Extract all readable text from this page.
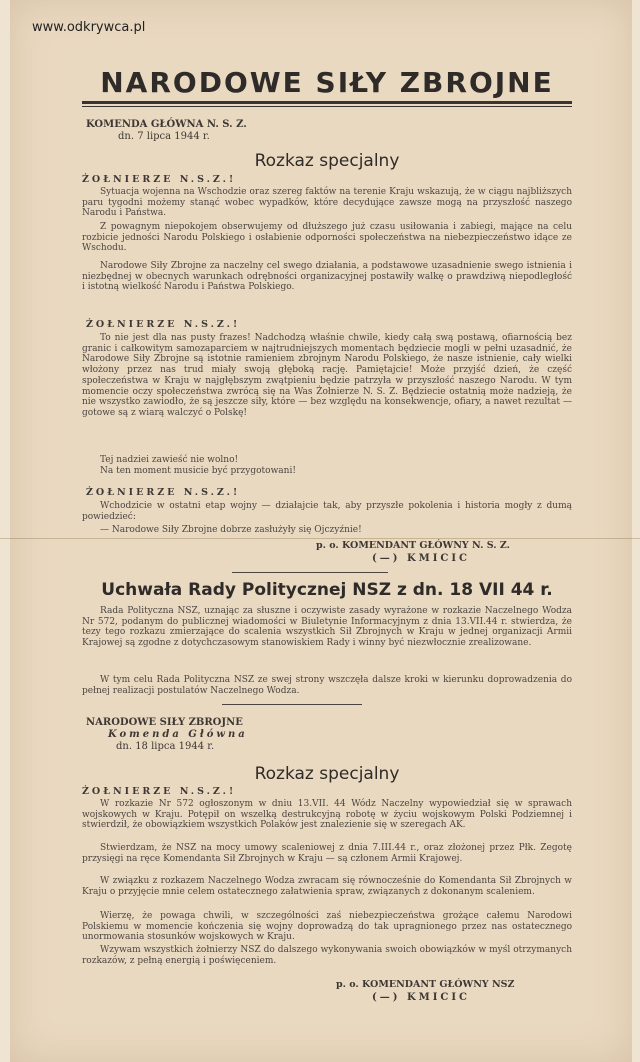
www.odkrywca.pl
NARODOWE SIŁY ZBROJNE
KOMENDA GŁÓWNA N. S. Z.
dn. 7 lipca 1944 r.
Rozkaz specjalny
ŻOŁNIERZE N.S.Z.!

Sytuacja wojenna na Wschodzie oraz szereg faktów na terenie Kraju wskazują, że w ciągu najbliższych paru tygodni możemy stanąć wobec wypadków, które decydujące zawsze mogą na przyszłość naszego Narodu i Państwa.

Z powagnym niepokojem obserwujemy od dłuższego już czasu usiłowania i zabiegi, mające na celu rozbicie jedności Narodu Polskiego i osłabienie odporności społeczeństwa na niebezpieczeństwo idące ze Wschodu.

Narodowe Siły Zbrojne za naczelny cel swego działania, a podstawowe uzasadnienie swego istnienia i niezbędnej w obecnych warunkach odrębności organizacyjnej postawiły walkę o prawdziwą niepodległość i istotną wielkość Narodu i Państwa Polskiego.

ŻOŁNIERZE N.S.Z.!

To nie jest dla nas pusty frazes! Nadchodzą właśnie chwile, kiedy całą swą postawą, ofiarnością bez granic i całkowitym samozaparciem w najtrudniejszych momentach będziecie mogli w pełni uzasadnić, że Narodowe Siły Zbrojne są istotnie ramieniem zbrojnym Narodu Polskiego, że nasze istnienie, cały wielki włożony przez nas trud miały swoją głęboką rację. Pamiętajcie! Może przyjść dzień, że część społeczeństwa w Kraju w najgłębszym zwątpieniu będzie patrzyła w przyszłość naszego Narodu. W tym momencie oczy społeczeństwa zwrócą się na Was Żołnierze N. S. Z. Będziecie ostatnią może nadzieją, że nie wszystko zawiodło, że są jeszcze siły, które — bez względu na konsekwencje, ofiary, a nawet rezultat — gotowe są z wiarą walczyć o Polskę!

Tej nadziei zawieść nie wolno!

Na ten moment musicie być przygotowani!

ŻOŁNIERZE N.S.Z.!

Wchodzicie w ostatni etap wojny — działajcie tak, aby przyszłe pokolenia i historia mogły z dumą powiedzieć:

— Narodowe Siły Zbrojne dobrze zasłużyły się Ojczyźnie!

p. o. KOMENDANT GŁÓWNY N. S. Z.
(—) KMICIC
Uchwała Rady Politycznej NSZ z dn. 18 VII 44 r.

Rada Polityczna NSZ, uznając za słuszne i oczywiste zasady wyrażone w rozkazie Naczelnego Wodza Nr 572, podanym do publicznej wiadomości w Biuletynie Informacyjnym z dnia 13.VII.44 r. stwierdza, że tezy tego rozkazu zmierzające do scalenia wszystkich Sił Zbrojnych w Kraju w jednej organizacji Armii Krajowej są zgodne z dotychczasowym stanowiskiem Rady i winny być niezwłocznie zrealizowane.

W tym celu Rada Polityczna NSZ ze swej strony wszczęła dalsze kroki w kierunku doprowadzenia do pełnej realizacji postulatów Naczelnego Wodza.

NARODOWE SIŁY ZBROJNE
Komenda Główna
dn. 18 lipca 1944 r.
Rozkaz specjalny
ŻOŁNIERZE N.S.Z.!

W rozkazie Nr 572 ogłoszonym w dniu 13.VII. 44 Wódz Naczelny wypowiedział się w sprawach wojskowych w Kraju. Potępił on wszelką destrukcyjną robotę w życiu wojskowym Polski Podziemnej i stwierdził, że obowiązkiem wszystkich Polaków jest znalezienie się w szeregach AK.

Stwierdzam, że NSZ na mocy umowy scaleniowej z dnia 7.III.44 r., oraz złożonej przez Płk. Zegotę przysięgi na ręce Komendanta Sił Zbrojnych w Kraju — są członem Armii Krajowej.

W związku z rozkazem Naczelnego Wodza zwracam się równocześnie do Komendanta Sił Zbrojnych w Kraju o przyjęcie mnie celem ostatecznego załatwienia spraw, związanych z dokonanym scaleniem.

Wierzę, że powaga chwili, w szczególności zaś niebezpieczeństwa grożące całemu Narodowi Polskiemu w momencie kończenia się wojny doprowadzą do tak upragnionego przez nas ostatecznego unormowania stosunków wojskowych w Kraju.

Wzywam wszystkich żołnierzy NSZ do dalszego wykonywania swoich obowiązków w myśl otrzymanych rozkazów, z pełną energią i poświęceniem.

p. o. KOMENDANT GŁÓWNY NSZ
(—) KMICIC
